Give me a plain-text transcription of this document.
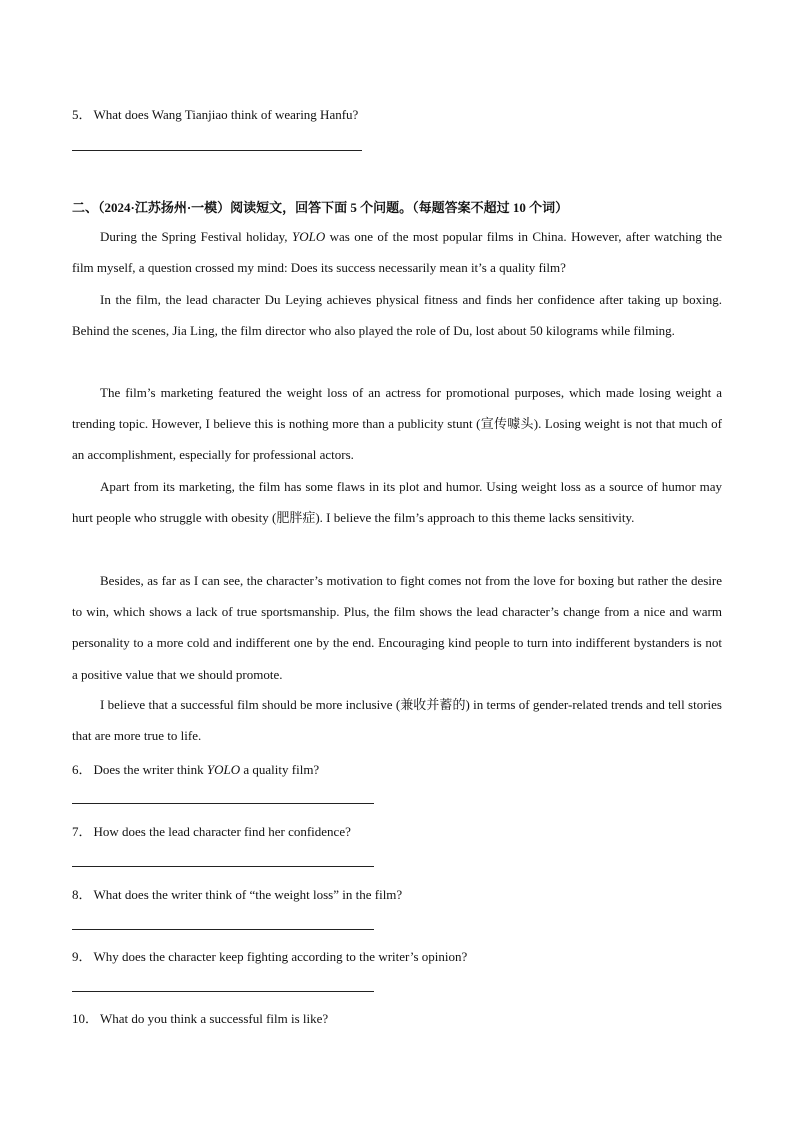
5． What does Wang Tianjiao think of wearing Hanfu?
二、（2024·江苏扬州·一模）阅读短文，回答下面 5 个问题。（每题答案不超过 10 个词）
During the Spring Festival holiday, YOLO was one of the most popular films in China. However, after watching the film myself, a question crossed my mind: Does its success necessarily mean it’s a quality film?
In the film, the lead character Du Leying achieves physical fitness and finds her confidence after taking up boxing. Behind the scenes, Jia Ling, the film director who also played the role of Du, lost about 50 kilograms while filming.
The film’s marketing featured the weight loss of an actress for promotional purposes, which made losing weight a trending topic. However, I believe this is nothing more than a publicity stunt (宣传噱头). Losing weight is not that much of an accomplishment, especially for professional actors.
Apart from its marketing, the film has some flaws in its plot and humor. Using weight loss as a source of humor may hurt people who struggle with obesity (肥胖症). I believe the film’s approach to this theme lacks sensitivity.
Besides, as far as I can see, the character’s motivation to fight comes not from the love for boxing but rather the desire to win, which shows a lack of true sportsmanship. Plus, the film shows the lead character’s change from a nice and warm personality to a more cold and indifferent one by the end. Encouraging kind people to turn into indifferent bystanders is not a positive value that we should promote.
I believe that a successful film should be more inclusive (兼收并蓄的) in terms of gender-related trends and tell stories that are more true to life.
6． Does the writer think YOLO a quality film?
7． How does the lead character find her confidence?
8． What does the writer think of “the weight loss” in the film?
9． Why does the character keep fighting according to the writer’s opinion?
10． What do you think a successful film is like?
